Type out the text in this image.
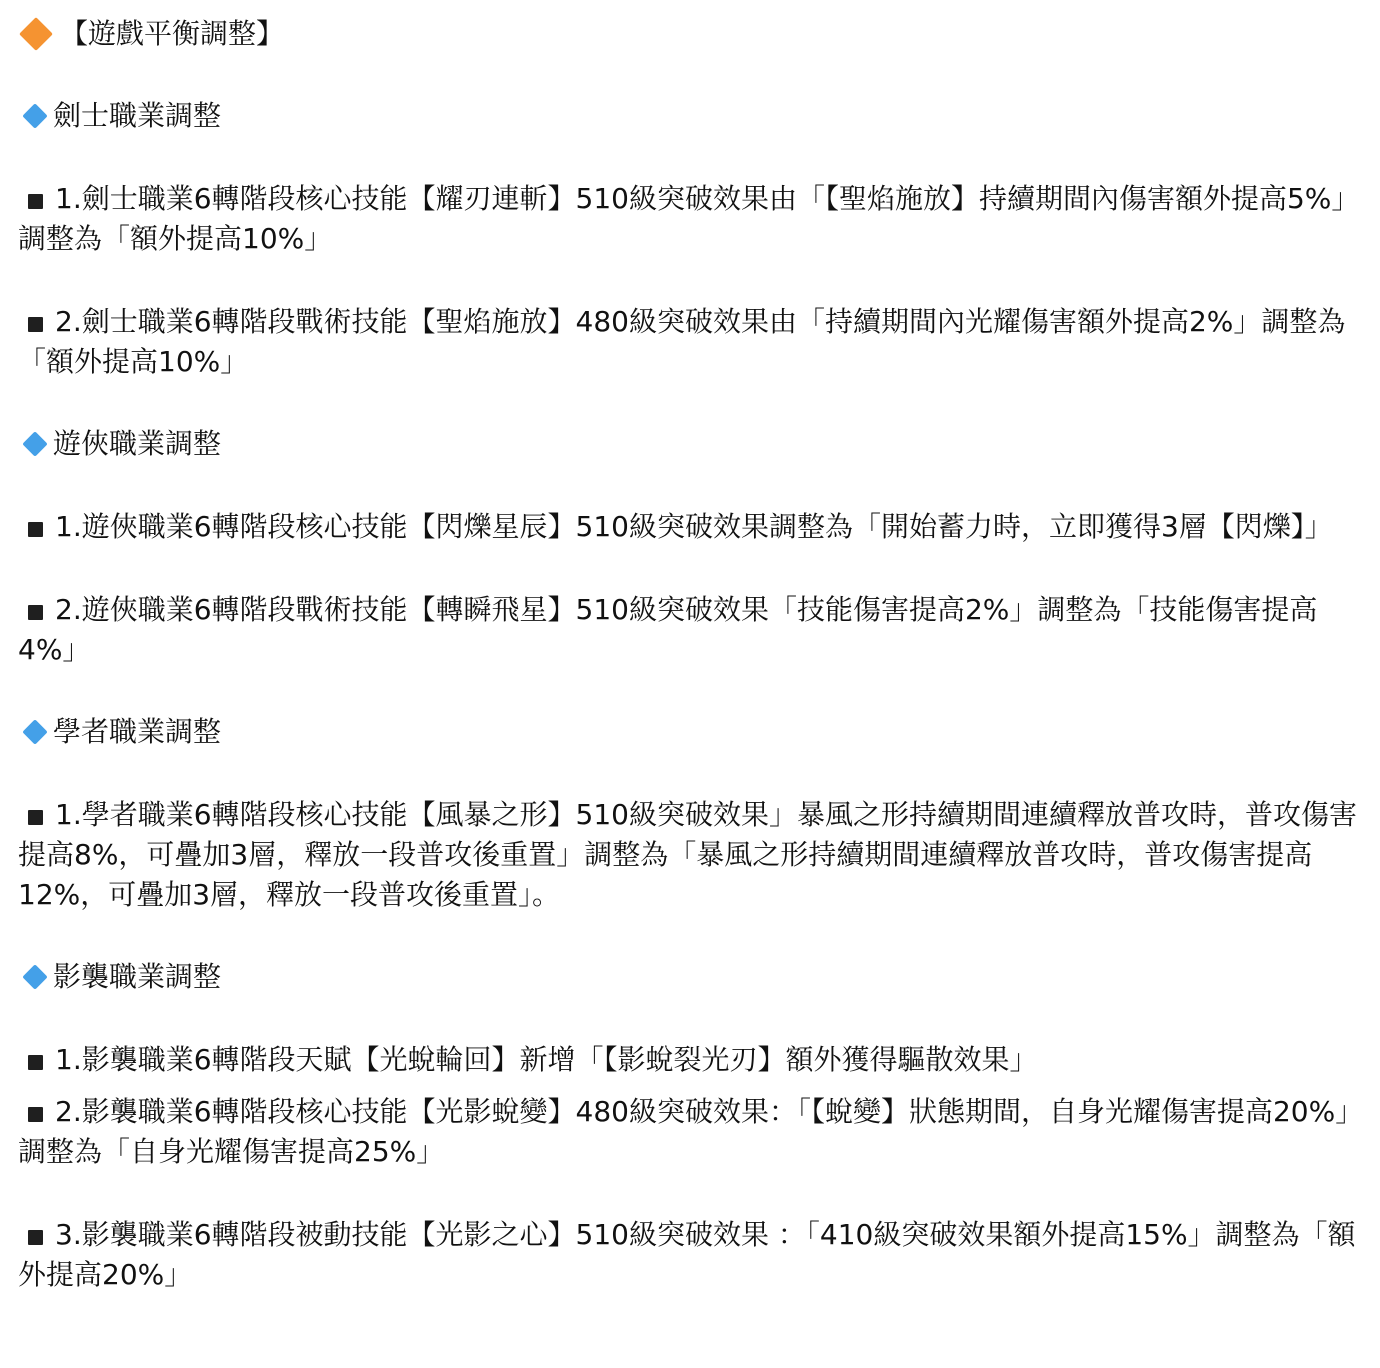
【遊戲平衡調整】
劍士職業調整
1.劍士職業6轉階段核心技能【耀刃連斬】510級突破效果由「【聖焰施放】持續期間內傷害額外提高5%」調整為「額外提高10%」
2.劍士職業6轉階段戰術技能【聖焰施放】480級突破效果由「持續期間內光耀傷害額外提高2%」調整為「額外提高10%」
遊俠職業調整
1.遊俠職業6轉階段核心技能【閃爍星辰】510級突破效果調整為「開始蓄力時，立即獲得3層【閃爍】」
2.遊俠職業6轉階段戰術技能【轉瞬飛星】510級突破效果「技能傷害提高2%」調整為「技能傷害提高4%」
學者職業調整
1.學者職業6轉階段核心技能【風暴之形】510級突破效果」暴風之形持續期間連續釋放普攻時，普攻傷害提高8%，可疊加3層，釋放一段普攻後重置」調整為「暴風之形持續期間連續釋放普攻時，普攻傷害提高12%，可疊加3層，釋放一段普攻後重置」。
影襲職業調整
1.影襲職業6轉階段天賦【光蛻輪回】新增「【影蛻裂光刃】額外獲得驅散效果」
2.影襲職業6轉階段核心技能【光影蛻變】480級突破效果：「【蛻變】狀態期間，自身光耀傷害提高20%」調整為「自身光耀傷害提高25%」
3.影襲職業6轉階段被動技能【光影之心】510級突破效果 ：「410級突破效果額外提高15%」調整為「額外提高20%」
